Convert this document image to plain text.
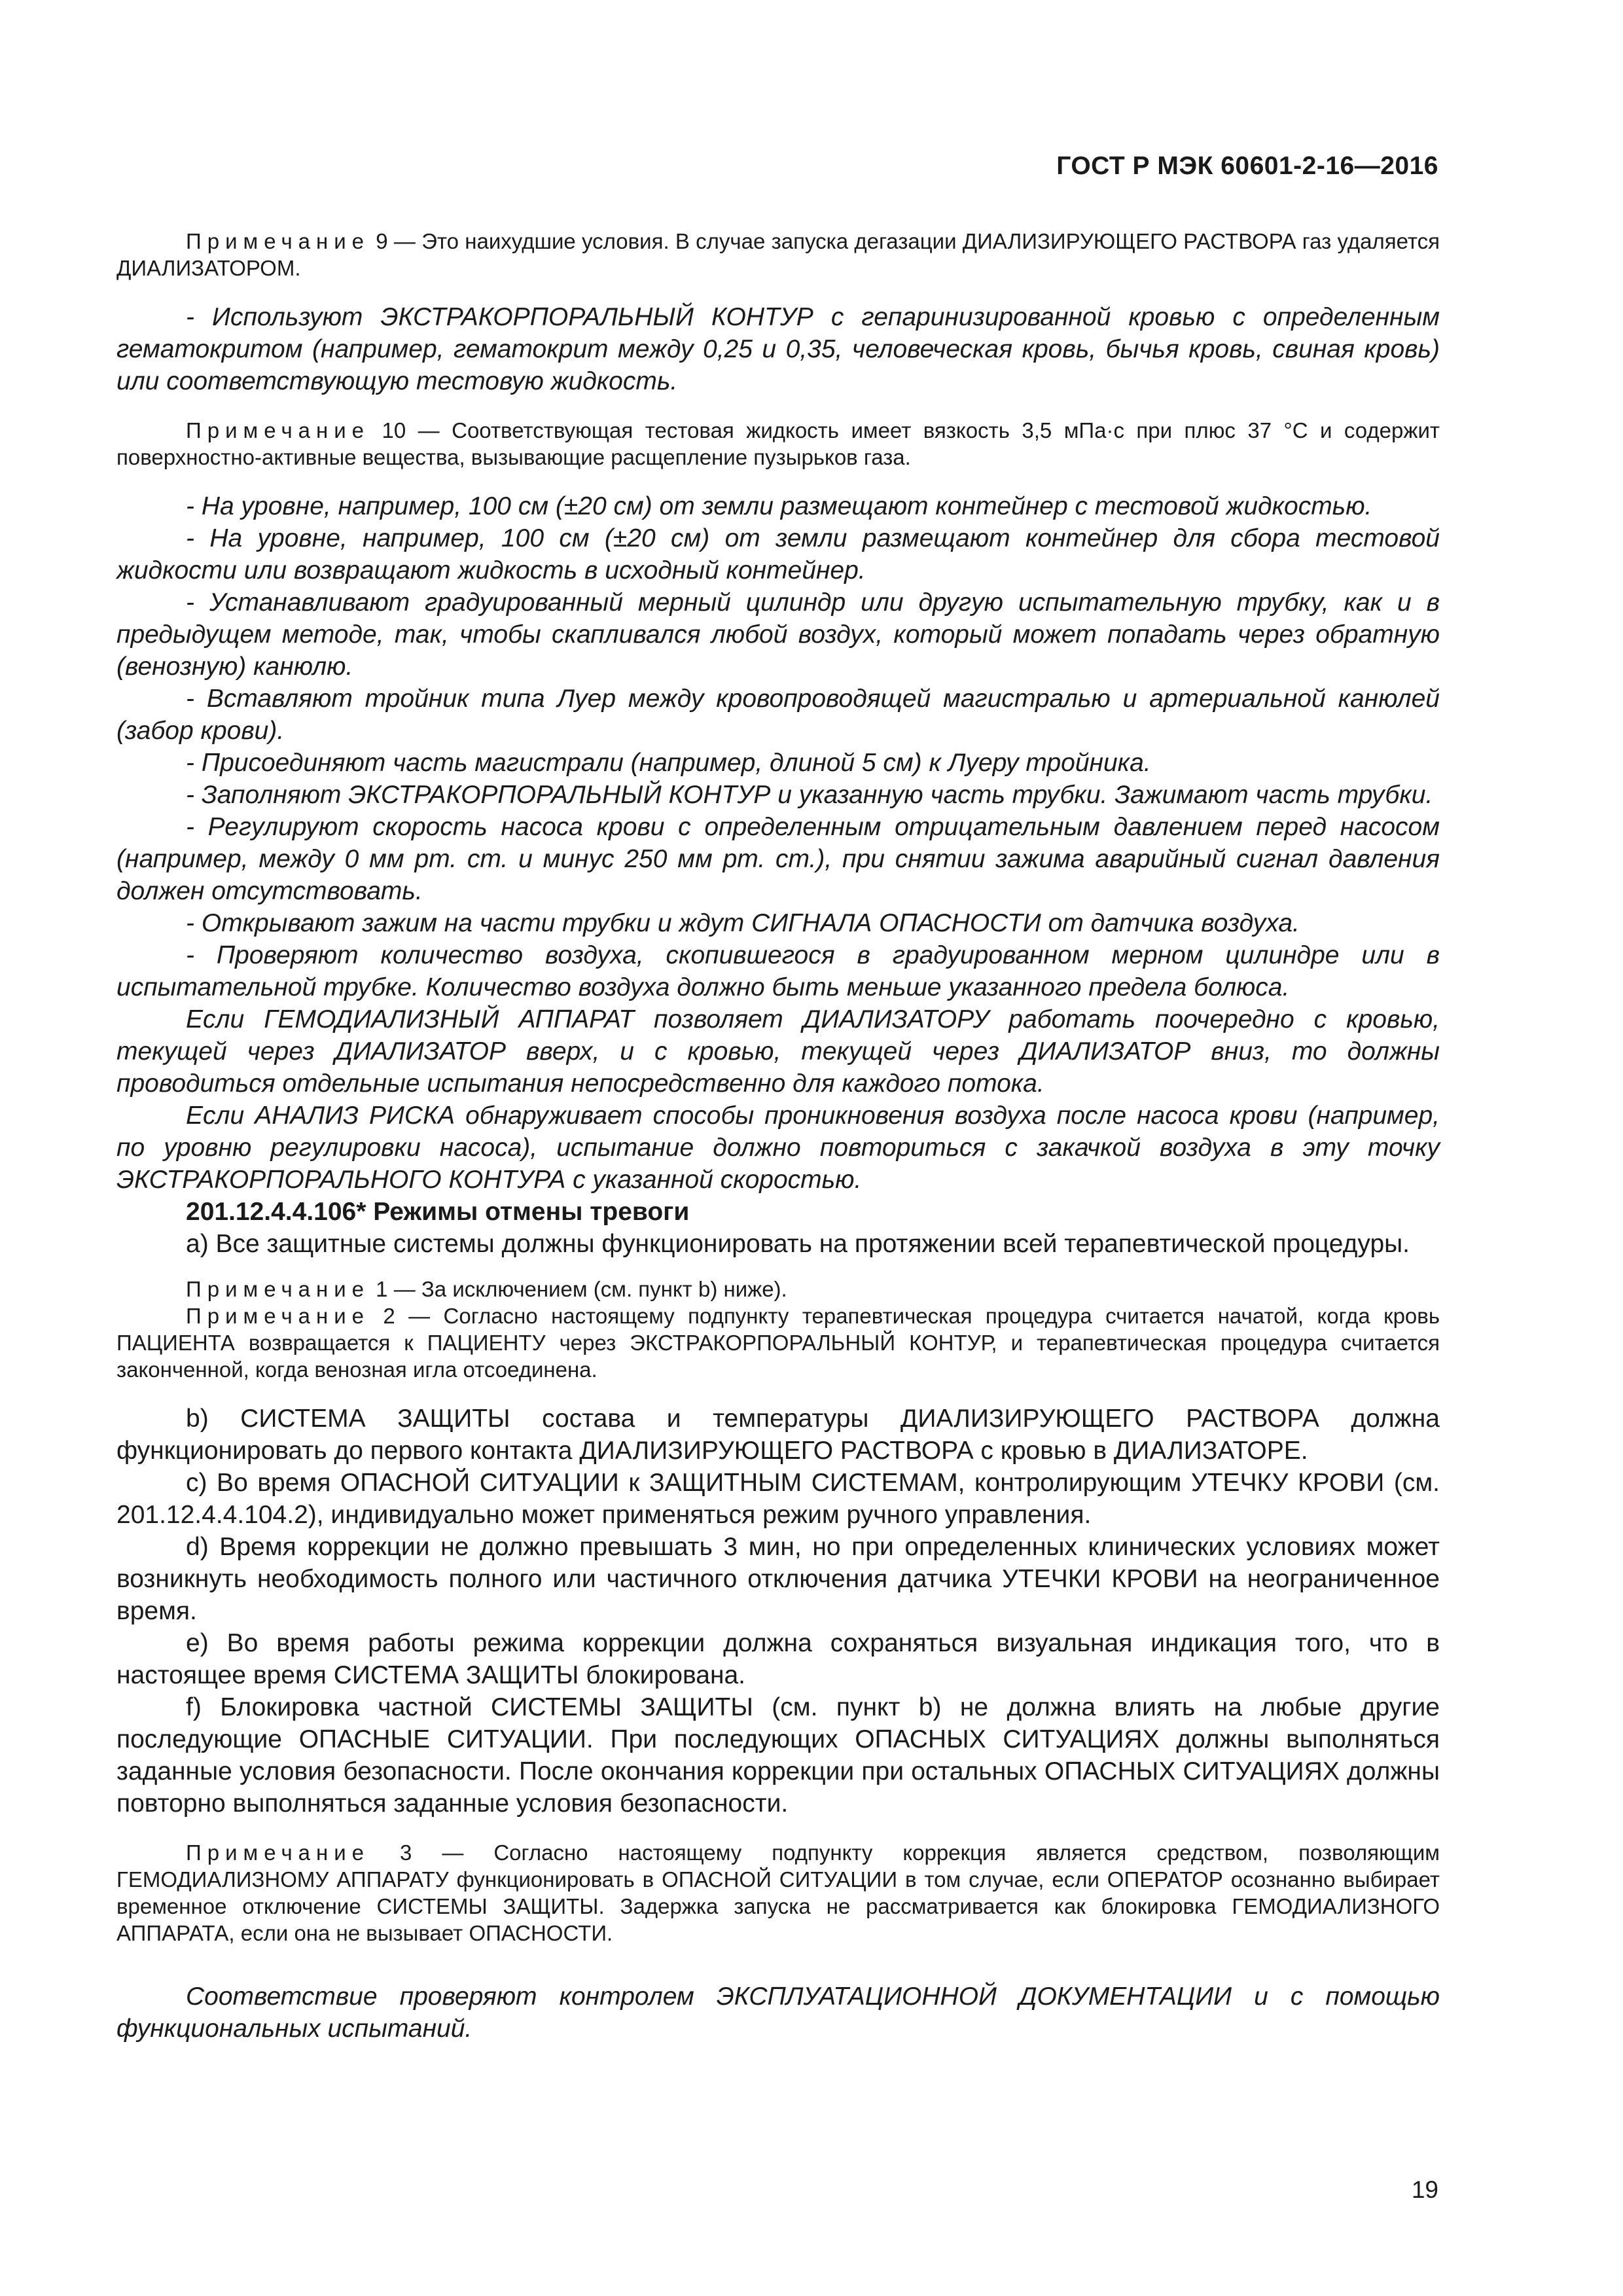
ГОСТ Р МЭК 60601-2-16—2016

Примечание 9 — Это наихудшие условия. В случае запуска дегазации ДИАЛИЗИРУЮЩЕГО РАСТВОРА газ удаляется ДИАЛИЗАТОРОМ.

- Используют ЭКСТРАКОРПОРАЛЬНЫЙ КОНТУР с гепаринизированной кровью с определенным гематокритом (например, гематокрит между 0,25 и 0,35, человеческая кровь, бычья кровь, свиная кровь) или соответствующую тестовую жидкость.

Примечание 10 — Соответствующая тестовая жидкость имеет вязкость 3,5 мПа·с при плюс 37 °С и содержит поверхностно-активные вещества, вызывающие расщепление пузырьков газа.

- На уровне, например, 100 см (±20 см) от земли размещают контейнер с тестовой жидкостью.

- На уровне, например, 100 см (±20 см) от земли размещают контейнер для сбора тестовой жидкости или возвращают жидкость в исходный контейнер.

- Устанавливают градуированный мерный цилиндр или другую испытательную трубку, как и в предыдущем методе, так, чтобы скапливался любой воздух, который может попадать через обратную (венозную) канюлю.

- Вставляют тройник типа Луер между кровопроводящей магистралью и артериальной канюлей (забор крови).

- Присоединяют часть магистрали (например, длиной 5 см) к Луеру тройника.

- Заполняют ЭКСТРАКОРПОРАЛЬНЫЙ КОНТУР и указанную часть трубки. Зажимают часть трубки.

- Регулируют скорость насоса крови с определенным отрицательным давлением перед насосом (например, между 0 мм рт. ст. и минус 250 мм рт. ст.), при снятии зажима аварийный сигнал давления должен отсутствовать.

- Открывают зажим на части трубки и ждут СИГНАЛА ОПАСНОСТИ от датчика воздуха.

- Проверяют количество воздуха, скопившегося в градуированном мерном цилиндре или в испытательной трубке. Количество воздуха должно быть меньше указанного предела болюса.

Если ГЕМОДИАЛИЗНЫЙ АППАРАТ позволяет ДИАЛИЗАТОРУ работать поочередно с кровью, текущей через ДИАЛИЗАТОР вверх, и с кровью, текущей через ДИАЛИЗАТОР вниз, то должны проводиться отдельные испытания непосредственно для каждого потока.

Если АНАЛИЗ РИСКА обнаруживает способы проникновения воздуха после насоса крови (например, по уровню регулировки насоса), испытание должно повториться с закачкой воздуха в эту точку ЭКСТРАКОРПОРАЛЬНОГО КОНТУРА с указанной скоростью.

201.12.4.4.106* Режимы отмены тревоги

а) Все защитные системы должны функционировать на протяжении всей терапевтической процедуры.

Примечание 1 — За исключением (см. пункт b) ниже).

Примечание 2 — Согласно настоящему подпункту терапевтическая процедура считается начатой, когда кровь ПАЦИЕНТА возвращается к ПАЦИЕНТУ через ЭКСТРАКОРПОРАЛЬНЫЙ КОНТУР, и терапевтическая процедура считается законченной, когда венозная игла отсоединена.

b) СИСТЕМА ЗАЩИТЫ состава и температуры ДИАЛИЗИРУЮЩЕГО РАСТВОРА должна функционировать до первого контакта ДИАЛИЗИРУЮЩЕГО РАСТВОРА с кровью в ДИАЛИЗАТОРЕ.

c) Во время ОПАСНОЙ СИТУАЦИИ к ЗАЩИТНЫМ СИСТЕМАМ, контролирующим УТЕЧКУ КРОВИ (см. 201.12.4.4.104.2), индивидуально может применяться режим ручного управления.

d) Время коррекции не должно превышать 3 мин, но при определенных клинических условиях может возникнуть необходимость полного или частичного отключения датчика УТЕЧКИ КРОВИ на неограниченное время.

e) Во время работы режима коррекции должна сохраняться визуальная индикация того, что в настоящее время СИСТЕМА ЗАЩИТЫ блокирована.

f) Блокировка частной СИСТЕМЫ ЗАЩИТЫ (см. пункт b) не должна влиять на любые другие последующие ОПАСНЫЕ СИТУАЦИИ. При последующих ОПАСНЫХ СИТУАЦИЯХ должны выполняться заданные условия безопасности. После окончания коррекции при остальных ОПАСНЫХ СИТУАЦИЯХ должны повторно выполняться заданные условия безопасности.

Примечание 3 — Согласно настоящему подпункту коррекция является средством, позволяющим ГЕМОДИАЛИЗНОМУ АППАРАТУ функционировать в ОПАСНОЙ СИТУАЦИИ в том случае, если ОПЕРАТОР осознанно выбирает временное отключение СИСТЕМЫ ЗАЩИТЫ. Задержка запуска не рассматривается как блокировка ГЕМОДИАЛИЗНОГО АППАРАТА, если она не вызывает ОПАСНОСТИ.

Соответствие проверяют контролем ЭКСПЛУАТАЦИОННОЙ ДОКУМЕНТАЦИИ и с помощью функциональных испытаний.

19
